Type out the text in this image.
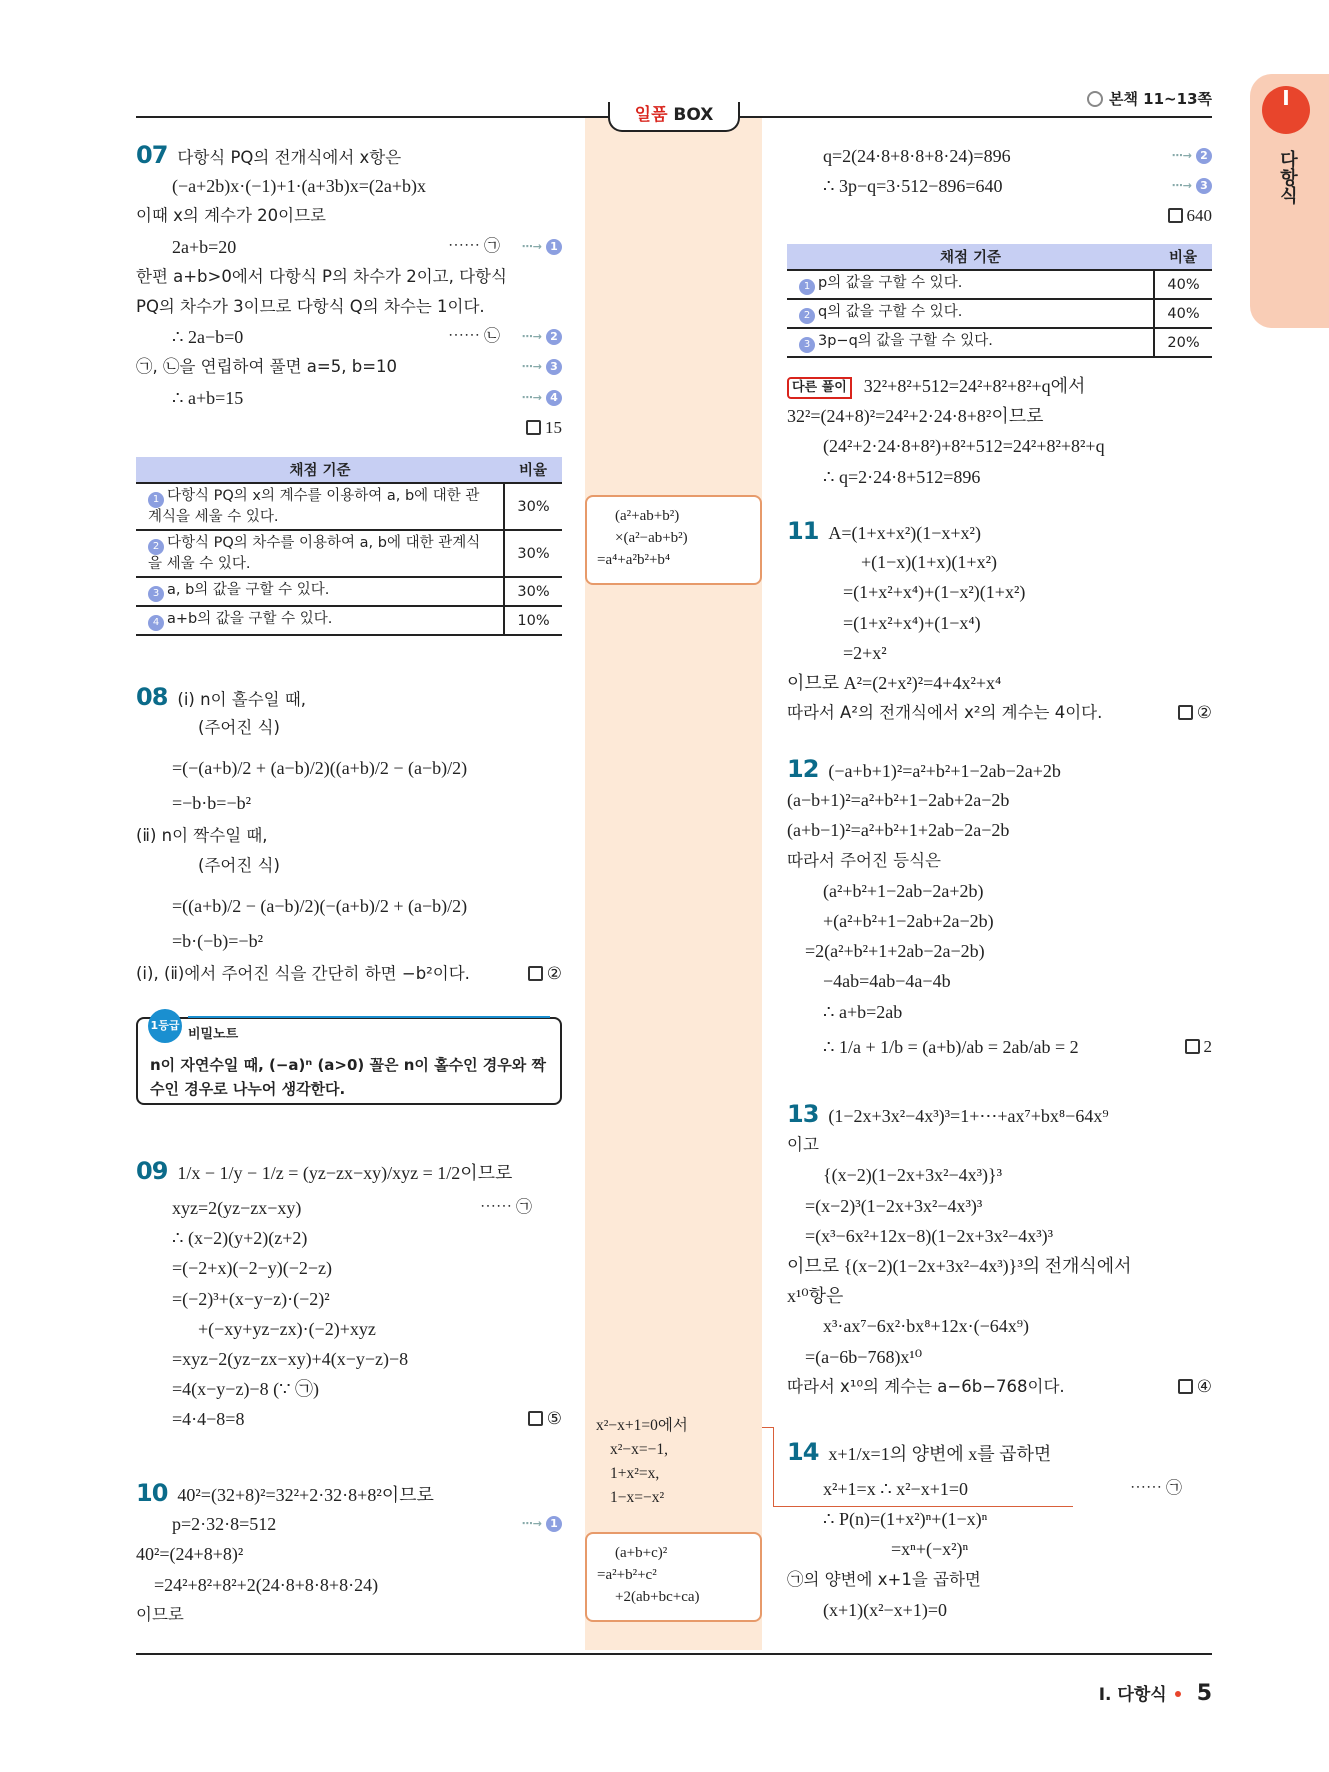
일품 BOX
본책 11~13쪽	I
다항식
07 다항식 PQ의 전개식에서 x항은
(−a+2b)x·(−1)+1·(a+3b)x=(2a+b)x
이때 x의 계수가 20이므로
2a+b=20	⋯⋯ ㉠ ⋯→ 1
한편 a+b>0에서 다항식 P의 차수가 2이고, 다항식
PQ의 차수가 3이므로 다항식 Q의 차수는 1이다.
∴ 2a−b=0	⋯⋯ ㉡ ⋯→ 2
㉠, ㉡을 연립하여 풀면 a=5, b=10	⋯→ 3
∴ a+b=15	⋯→ 4
15
채점 기준	비율
1 다항식 PQ의 x의 계수를 이용하여 a, b에 대한 관계식을 세울 수 있다.	30%
2 다항식 PQ의 차수를 이용하여 a, b에 대한 관계식을 세울 수 있다.	30%
3 a, b의 값을 구할 수 있다.	30%
4 a+b의 값을 구할 수 있다.	10%
08 (ⅰ) n이 홀수일 때,
(주어진 식)
=(−(a+b)/2 + (a−b)/2)((a+b)/2 − (a−b)/2)
=−b·b=−b²
(ⅱ) n이 짝수일 때,
(주어진 식)
=((a+b)/2 − (a−b)/2)(−(a+b)/2 + (a−b)/2)
=b·(−b)=−b²
(ⅰ), (ⅱ)에서 주어진 식을 간단히 하면 −b²이다.	②
1등급
비밀노트
n이 자연수일 때, (−a)ⁿ (a>0) 꼴은 n이 홀수인 경우와 짝수인 경우로 나누어 생각한다.
09 1/x − 1/y − 1/z = (yz−zx−xy)/xyz = 1/2이므로
xyz=2(yz−zx−xy)	⋯⋯ ㉠
∴ (x−2)(y+2)(z+2)
=(−2+x)(−2−y)(−2−z)
=(−2)³+(x−y−z)·(−2)²
+(−xy+yz−zx)·(−2)+xyz
=xyz−2(yz−zx−xy)+4(x−y−z)−8
=4(x−y−z)−8 (∵ ㉠)
=4·4−8=8	⑤
10 40²=(32+8)²=32²+2·32·8+8²이므로
p=2·32·8=512	⋯→ 1
40²=(24+8+8)²
=24²+8²+8²+2(24·8+8·8+8·24)
이므로
q=2(24·8+8·8+8·24)=896	⋯→ 2
∴ 3p−q=3·512−896=640	⋯→ 3
640
채점 기준	비율
1 p의 값을 구할 수 있다.	40%
2 q의 값을 구할 수 있다.	40%
3 3p−q의 값을 구할 수 있다.	20%
다른 풀이 32²+8²+512=24²+8²+8²+q에서
32²=(24+8)²=24²+2·24·8+8²이므로
(24²+2·24·8+8²)+8²+512=24²+8²+8²+q
∴ q=2·24·8+512=896
11 A=(1+x+x²)(1−x+x²)
+(1−x)(1+x)(1+x²)
=(1+x²+x⁴)+(1−x²)(1+x²)
=(1+x²+x⁴)+(1−x⁴)
=2+x²
이므로 A²=(2+x²)²=4+4x²+x⁴
따라서 A²의 전개식에서 x²의 계수는 4이다.	②
12 (−a+b+1)²=a²+b²+1−2ab−2a+2b
(a−b+1)²=a²+b²+1−2ab+2a−2b
(a+b−1)²=a²+b²+1+2ab−2a−2b
따라서 주어진 등식은
(a²+b²+1−2ab−2a+2b)
+(a²+b²+1−2ab+2a−2b)
=2(a²+b²+1+2ab−2a−2b)
−4ab=4ab−4a−4b
∴ a+b=2ab
∴ 1/a + 1/b = (a+b)/ab = 2ab/ab = 2	2
13 (1−2x+3x²−4x³)³=1+⋯+ax⁷+bx⁸−64x⁹
이고
{(x−2)(1−2x+3x²−4x³)}³
=(x−2)³(1−2x+3x²−4x³)³
=(x³−6x²+12x−8)(1−2x+3x²−4x³)³
이므로 {(x−2)(1−2x+3x²−4x³)}³의 전개식에서
x¹⁰항은
x³·ax⁷−6x²·bx⁸+12x·(−64x⁹)
=(a−6b−768)x¹⁰
따라서 x¹⁰의 계수는 a−6b−768이다.	④
14 x+1/x=1의 양변에 x를 곱하면
x²+1=x ∴ x²−x+1=0	⋯⋯ ㉠
∴ P(n)=(1+x²)ⁿ+(1−x)ⁿ
=xⁿ+(−x²)ⁿ
㉠의 양변에 x+1을 곱하면
(x+1)(x²−x+1)=0
(a²+ab+b²)
×(a²−ab+b²)
=a⁴+a²b²+b⁴
x²−x+1=0에서
x²−x=−1,
1+x²=x,
1−x=−x²
(a+b+c)²
=a²+b²+c²
+2(ab+bc+ca)
I. 다항식 5
